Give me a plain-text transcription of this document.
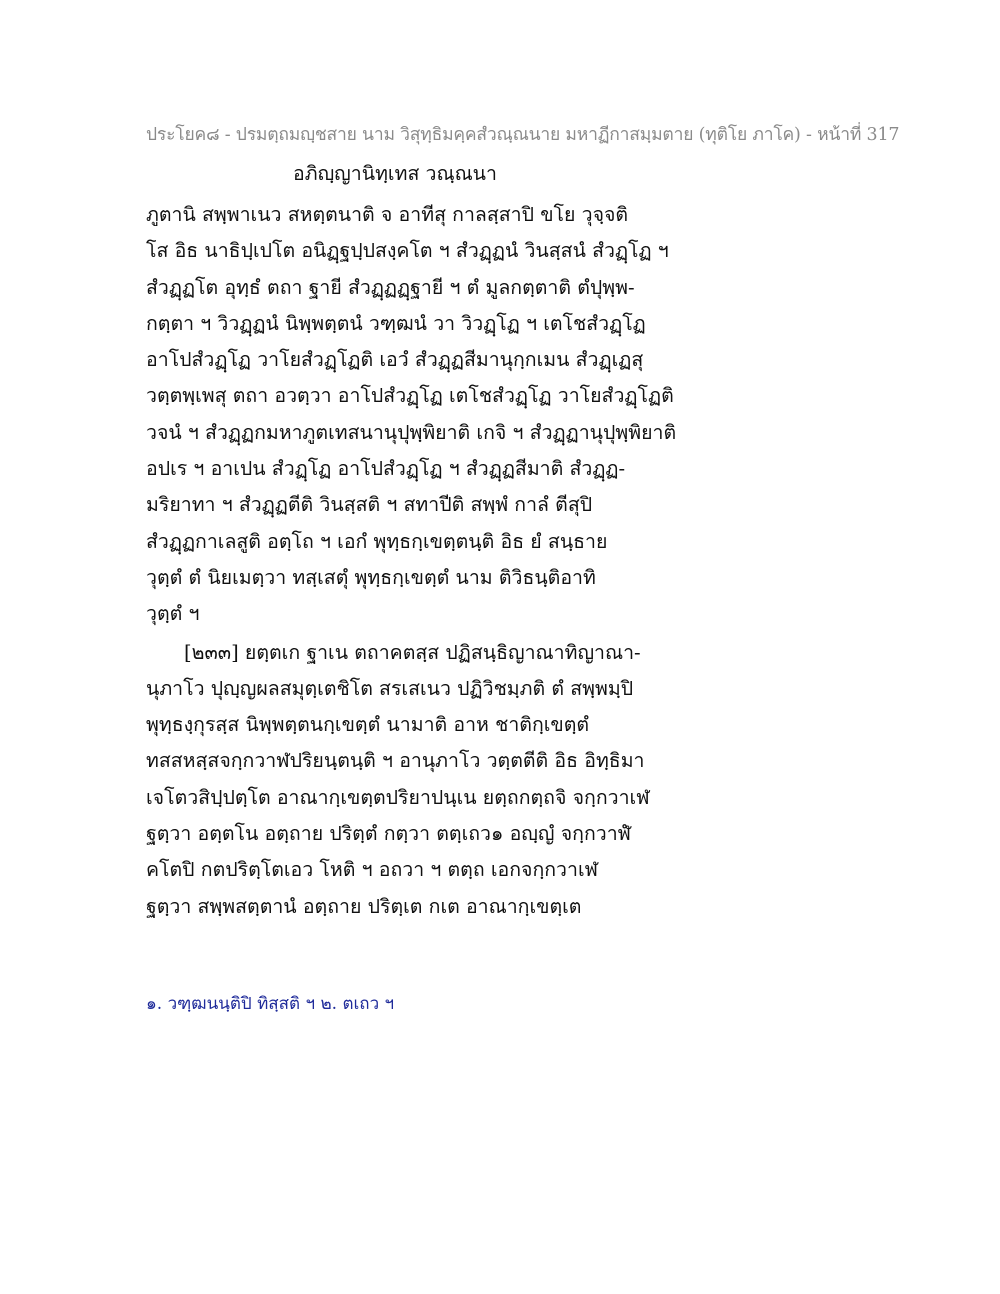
ประโยค๘ - ปรมตฺถมญฺชสาย นาม วิสุทฺธิมคฺคสํวณฺณนาย มหาฏีกาสมฺมตาย (ทุติโย ภาโค) - หน้าที่ 317
อภิญฺญานิทฺเทส วณฺณนา
ภูตานิ สพฺพาเนว สหตฺตนาติ จ อาทีสุ กาลสฺสาปิ ขโย วุจฺจติ
โส อิธ นาธิปฺเปโต อนิฏฺฐปฺปสงฺคโต ฯ สํวฏฺฏนํ วินสฺสนํ สํวฏฺโฏ ฯ
สํวฏฺฏโต อุทฺธํ ตถา ฐายี สํวฏฺฏฏฺฐายี ฯ ตํ มูลกตฺตาติ ตํปุพฺพ-
กตฺตา ฯ วิวฏฺฏนํ นิพฺพตฺตนํ วฑฺฒนํ วา วิวฏฺโฏ ฯ เตโชสํวฏฺโฏ
อาโปสํวฏฺโฏ วาโยสํวฏฺโฏติ เอวํ สํวฏฺฏสีมานุกฺกเมน สํวฏฺเฏสุ
วตฺตพฺเพสุ ตถา อวตฺวา อาโปสํวฏฺโฏ เตโชสํวฏฺโฏ วาโยสํวฏฺโฏติ
วจนํ ฯ สํวฏฺฏกมหาภูตเทสนานุปุพฺพิยาติ เกจิ ฯ สํวฏฺฏานุปุพฺพิยาติ
อปเร ฯ อาเปน สํวฏฺโฏ อาโปสํวฏฺโฏ ฯ สํวฏฺฏสีมาติ สํวฏฺฏ-
มริยาทา ฯ สํวฏฺฏตีติ วินสฺสติ ฯ สทาปีติ สพฺพํ กาลํ ตีสุปิ
สํวฏฺฏกาเลสูติ อตฺโถ ฯ เอกํ พุทฺธกฺเขตฺตนฺติ อิธ ยํ สนฺธาย
วุตฺตํ ตํ นิยเมตฺวา ทสฺเสตุํ พุทฺธกฺเขตฺตํ นาม ติวิธนฺติอาทิ
วุตฺตํ ฯ
[๒๓๓] ยตฺตเก ฐาเน ตถาคตสฺส ปฏิสนฺธิญาณาทิญาณา-
นุภาโว ปุญฺญผลสมุตฺเตชิโต สรเสเนว ปฏิวิชมฺภติ ตํ สพฺพมฺปิ
พุทฺธงฺกุรสฺส นิพฺพตฺตนกฺเขตฺตํ นามาติ อาห ชาติกฺเขตฺตํ
ทสสหสฺสจกฺกวาฬปริยนฺตนฺติ ฯ อานุภาโว วตฺตตีติ อิธ อิทฺธิมา
เจโตวสิปฺปตฺโต อาณากฺเขตฺตปริยาปนฺเน ยตฺถกตฺถจิ จกฺกวาเฬ
ฐตฺวา อตฺตโน อตฺถาย ปริตฺตํ กตฺวา ตตฺเถว๑ อญฺญํ จกฺกวาฬํ
คโตปิ กตปริตฺโตเอว โหติ ฯ อถวา ฯ ตตฺถ เอกจกฺกวาเฬ
ฐตฺวา สพฺพสตฺตานํ อตฺถาย ปริตฺเต กเต อาณากฺเขตฺเต
๑. วฑฺฒนนฺติปิ ทิสฺสติ ฯ ๒. ตเถว ฯ
